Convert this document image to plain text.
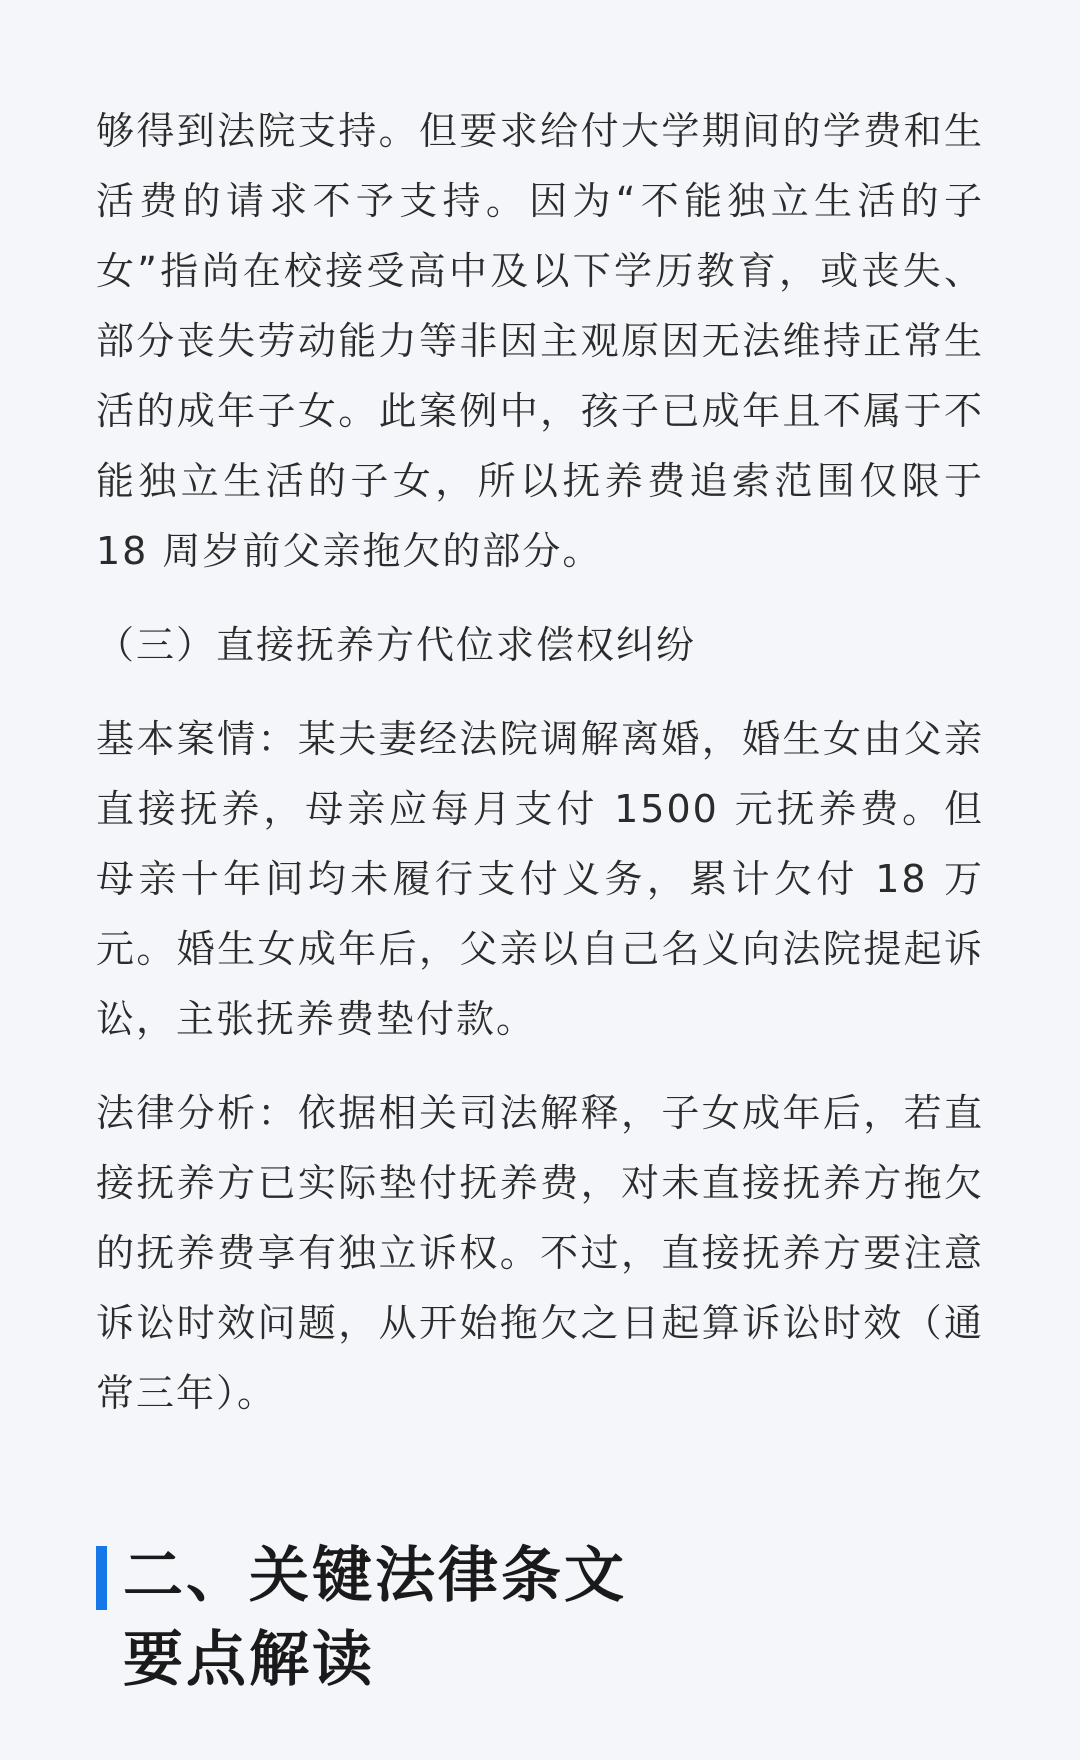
够得到法院支持。但要求给付大学期间的学费和生活费的请求不予支持。因为“不能独立生活的子女”指尚在校接受高中及以下学历教育，或丧失、部分丧失劳动能力等非因主观原因无法维持正常生活的成年子女。此案例中，孩子已成年且不属于不能独立生活的子女，所以抚养费追索范围仅限于 18 周岁前父亲拖欠的部分。

（三）直接抚养方代位求偿权纠纷

基本案情：某夫妻经法院调解离婚，婚生女由父亲直接抚养，母亲应每月支付 1500 元抚养费。但母亲十年间均未履行支付义务，累计欠付 18 万元。婚生女成年后，父亲以自己名义向法院提起诉讼，主张抚养费垫付款。

法律分析：依据相关司法解释，子女成年后，若直接抚养方已实际垫付抚养费，对未直接抚养方拖欠的抚养费享有独立诉权。不过，直接抚养方要注意诉讼时效问题，从开始拖欠之日起算诉讼时效（通常三年）。

二、关键法律条文
要点解读
